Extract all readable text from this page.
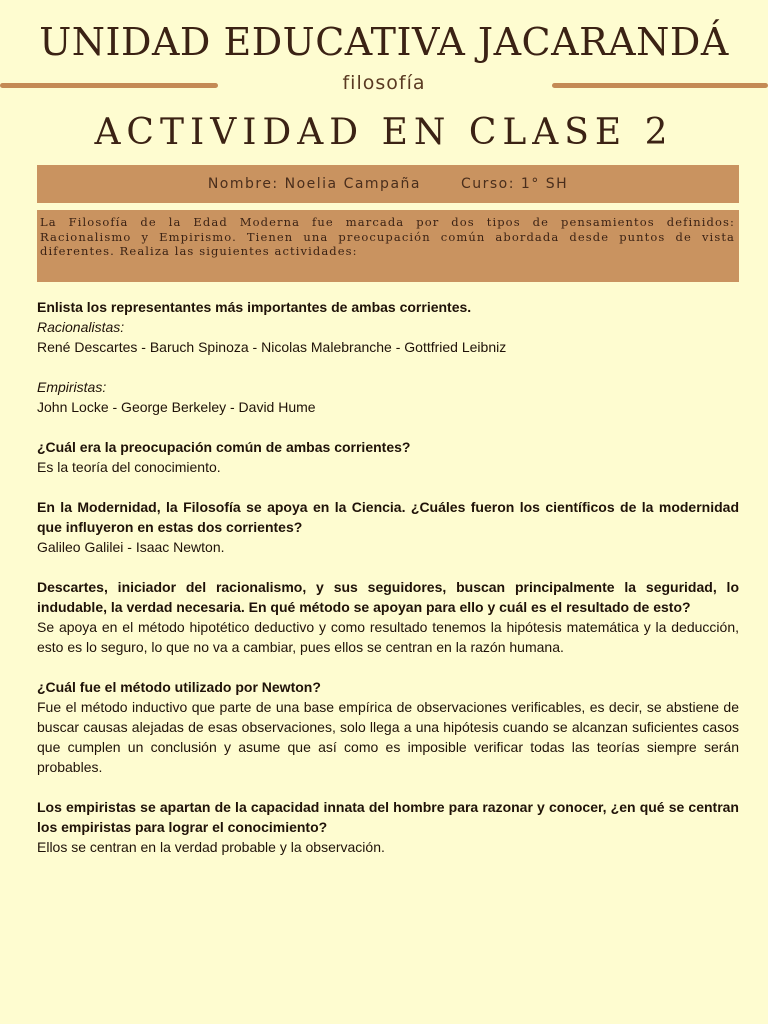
UNIDAD EDUCATIVA JACARANDÁ
filosofía
ACTIVIDAD EN CLASE 2
Nombre: Noelia Campaña	Curso: 1° SH
La Filosofía de la Edad Moderna fue marcada por dos tipos de pensamientos definidos: Racionalismo y Empirismo. Tienen una preocupación común abordada desde puntos de vista diferentes. Realiza las siguientes actividades:

Enlista los representantes más importantes de ambas corrientes.

Racionalistas:

René Descartes - Baruch Spinoza - Nicolas Malebranche - Gottfried Leibniz

Empiristas:

John Locke - George Berkeley - David Hume

¿Cuál era la preocupación común de ambas corrientes?

Es la teoría del conocimiento.

En la Modernidad, la Filosofía se apoya en la Ciencia. ¿Cuáles fueron los científicos de la modernidad que influyeron en estas dos corrientes?

Galileo Galilei - Isaac Newton.

Descartes, iniciador del racionalismo, y sus seguidores, buscan principalmente la seguridad, lo indudable, la verdad necesaria. En qué método se apoyan para ello y cuál es el resultado de esto?

Se apoya en el método hipotético deductivo y como resultado tenemos la hipótesis matemática y la deducción, esto es lo seguro, lo que no va a cambiar, pues ellos se centran en la razón humana.

¿Cuál fue el método utilizado por Newton?

Fue el método inductivo que parte de una base empírica de observaciones verificables, es decir, se abstiene de buscar causas alejadas de esas observaciones, solo llega a una hipótesis cuando se alcanzan suficientes casos que cumplen un conclusión y asume que así como es imposible verificar todas las teorías siempre serán probables.

Los empiristas se apartan de la capacidad innata del hombre para razonar y conocer, ¿en qué se centran los empiristas para lograr el conocimiento?

Ellos se centran en la verdad probable y la observación.
